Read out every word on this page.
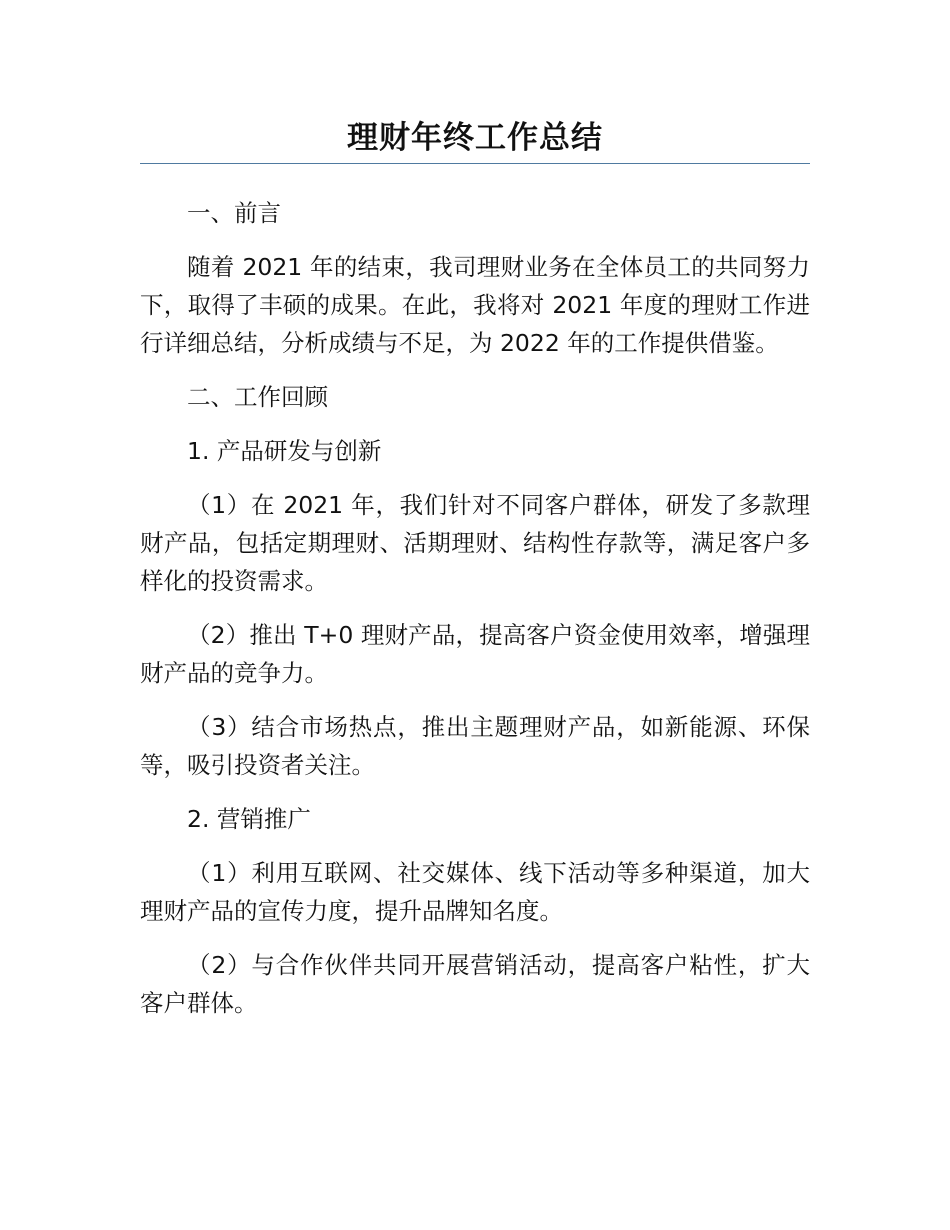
理财年终工作总结

一、前言

随着 2021 年的结束，我司理财业务在全体员工的共同努力下，取得了丰硕的成果。在此，我将对 2021 年度的理财工作进行详细总结，分析成绩与不足，为 2022 年的工作提供借鉴。

二、工作回顾

1. 产品研发与创新

（1）在 2021 年，我们针对不同客户群体，研发了多款理财产品，包括定期理财、活期理财、结构性存款等，满足客户多样化的投资需求。

（2）推出 T+0 理财产品，提高客户资金使用效率，增强理财产品的竞争力。

（3）结合市场热点，推出主题理财产品，如新能源、环保等，吸引投资者关注。

2. 营销推广

（1）利用互联网、社交媒体、线下活动等多种渠道，加大理财产品的宣传力度，提升品牌知名度。

（2）与合作伙伴共同开展营销活动，提高客户粘性，扩大客户群体。
